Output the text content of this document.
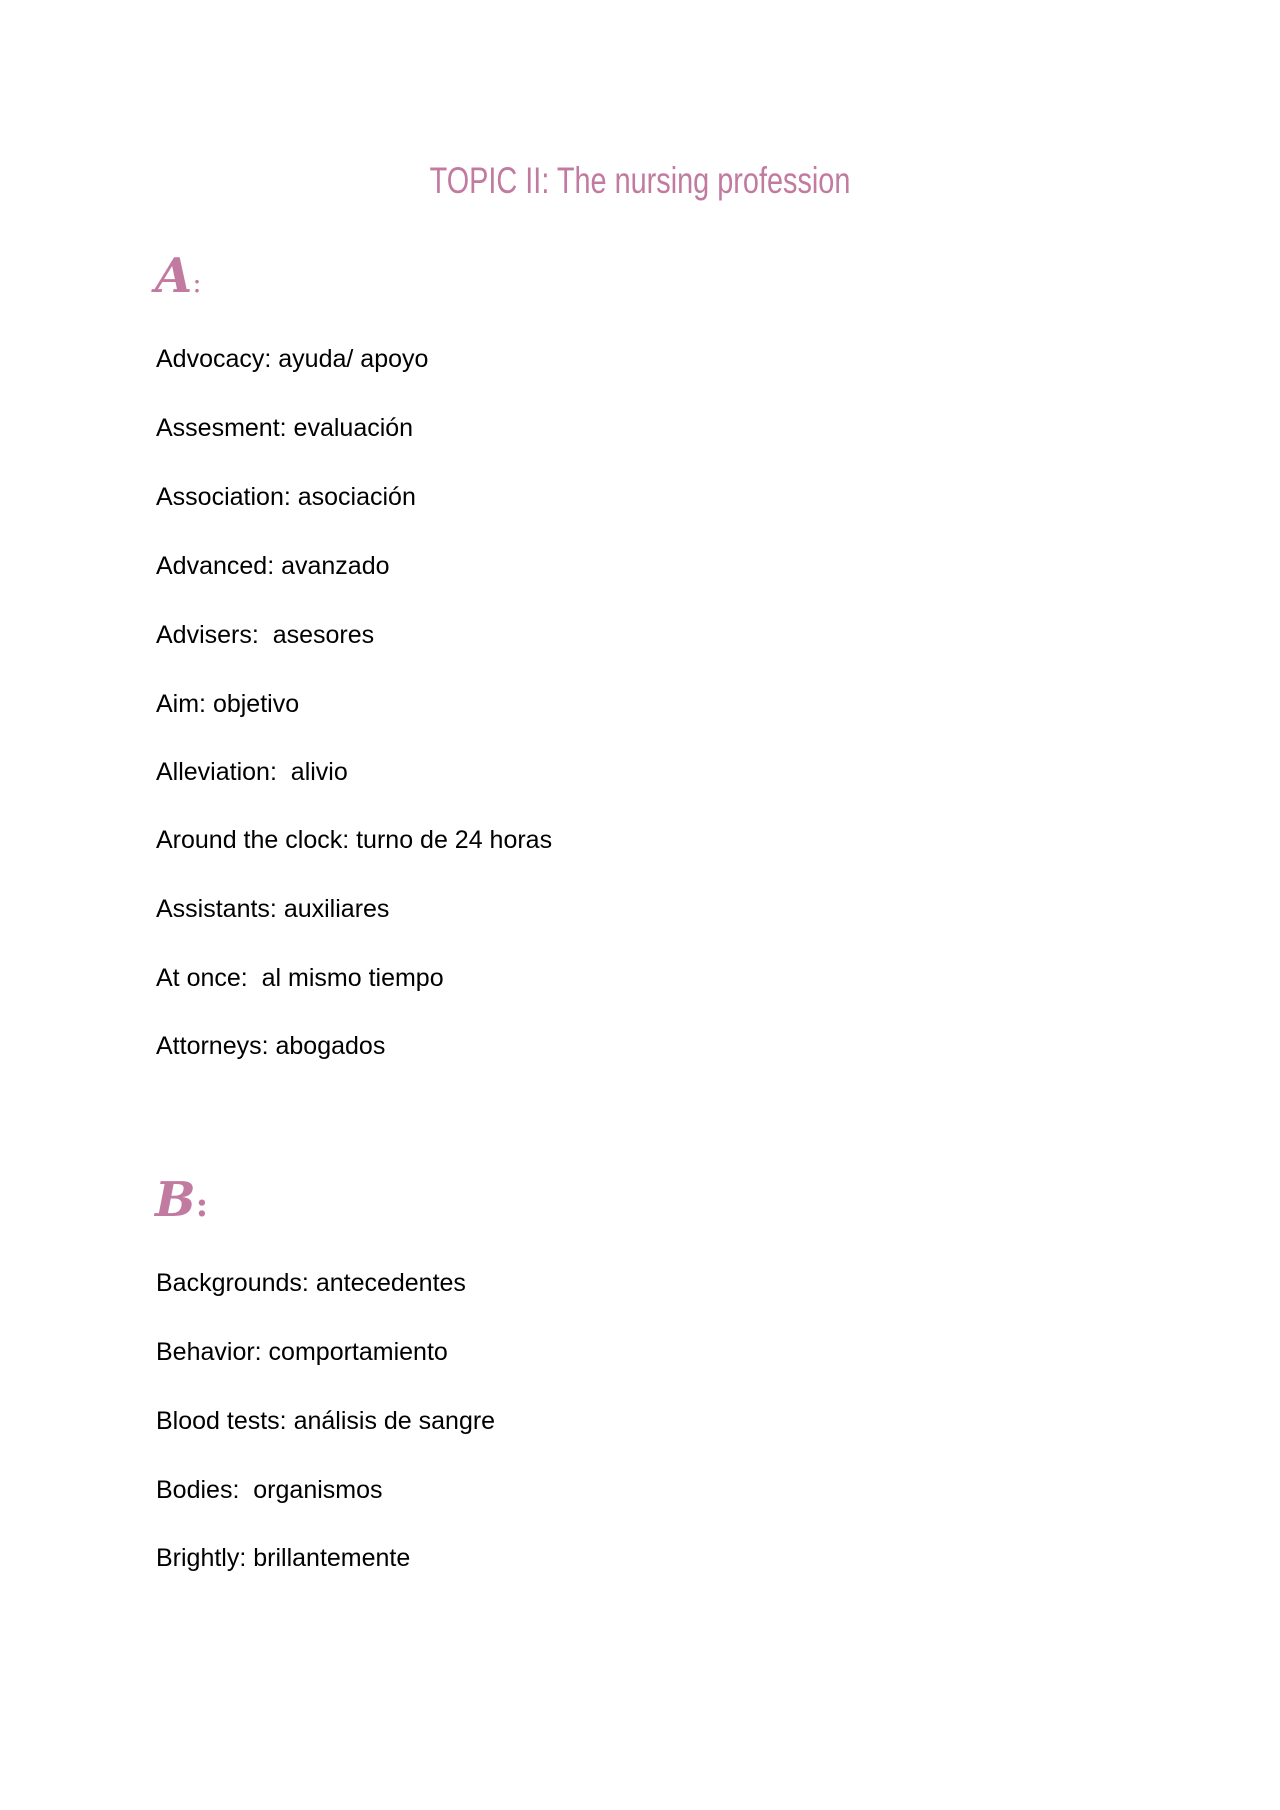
TOPIC II: The nursing profession
A:
Advocacy: ayuda/ apoyo
Assesment: evaluación
Association: asociación
Advanced: avanzado
Advisers:  asesores
Aim: objetivo
Alleviation:  alivio
Around the clock: turno de 24 horas
Assistants: auxiliares
At once:  al mismo tiempo
Attorneys: abogados
B:
Backgrounds: antecedentes
Behavior: comportamiento
Blood tests: análisis de sangre
Bodies:  organismos
Brightly: brillantemente
